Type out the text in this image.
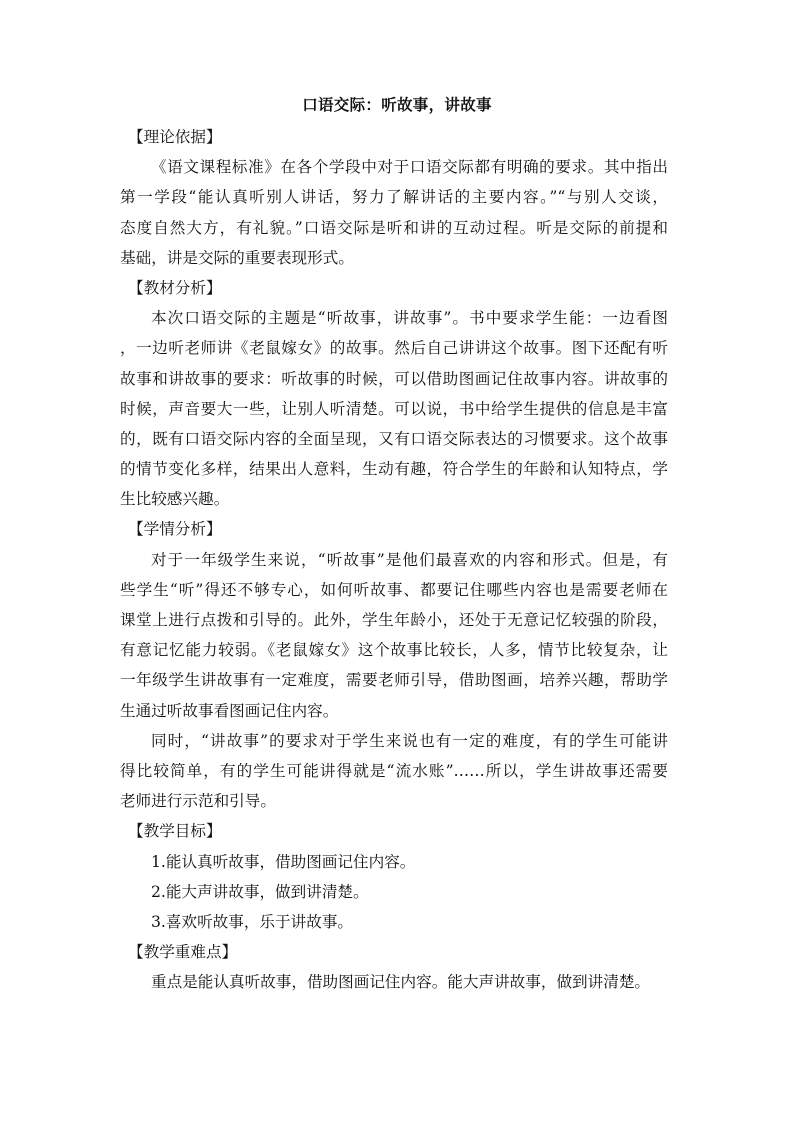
口语交际：听故事，讲故事
【理论依据】
《语文课程标准》在各个学段中对于口语交际都有明确的要求。其中指出
第一学段“能认真听别人讲话，努力了解讲话的主要内容。”“与别人交谈，
态度自然大方，有礼貌。”口语交际是听和讲的互动过程。听是交际的前提和
基础，讲是交际的重要表现形式。
【教材分析】
本次口语交际的主题是“听故事，讲故事”。书中要求学生能：一边看图
，一边听老师讲《老鼠嫁女》的故事。然后自己讲讲这个故事。图下还配有听
故事和讲故事的要求：听故事的时候，可以借助图画记住故事内容。讲故事的
时候，声音要大一些，让别人听清楚。可以说，书中给学生提供的信息是丰富
的，既有口语交际内容的全面呈现，又有口语交际表达的习惯要求。这个故事
的情节变化多样，结果出人意料，生动有趣，符合学生的年龄和认知特点，学
生比较感兴趣。
【学情分析】
对于一年级学生来说，“听故事”是他们最喜欢的内容和形式。但是，有
些学生“听”得还不够专心，如何听故事、都要记住哪些内容也是需要老师在
课堂上进行点拨和引导的。此外，学生年龄小，还处于无意记忆较强的阶段，
有意记忆能力较弱。《老鼠嫁女》这个故事比较长，人多，情节比较复杂，让
一年级学生讲故事有一定难度，需要老师引导，借助图画，培养兴趣，帮助学
生通过听故事看图画记住内容。
同时，“讲故事”的要求对于学生来说也有一定的难度，有的学生可能讲
得比较简单，有的学生可能讲得就是“流水账”……所以，学生讲故事还需要
老师进行示范和引导。
【教学目标】
1.能认真听故事，借助图画记住内容。
2.能大声讲故事，做到讲清楚。
3.喜欢听故事，乐于讲故事。
【教学重难点】
重点是能认真听故事，借助图画记住内容。能大声讲故事，做到讲清楚。
